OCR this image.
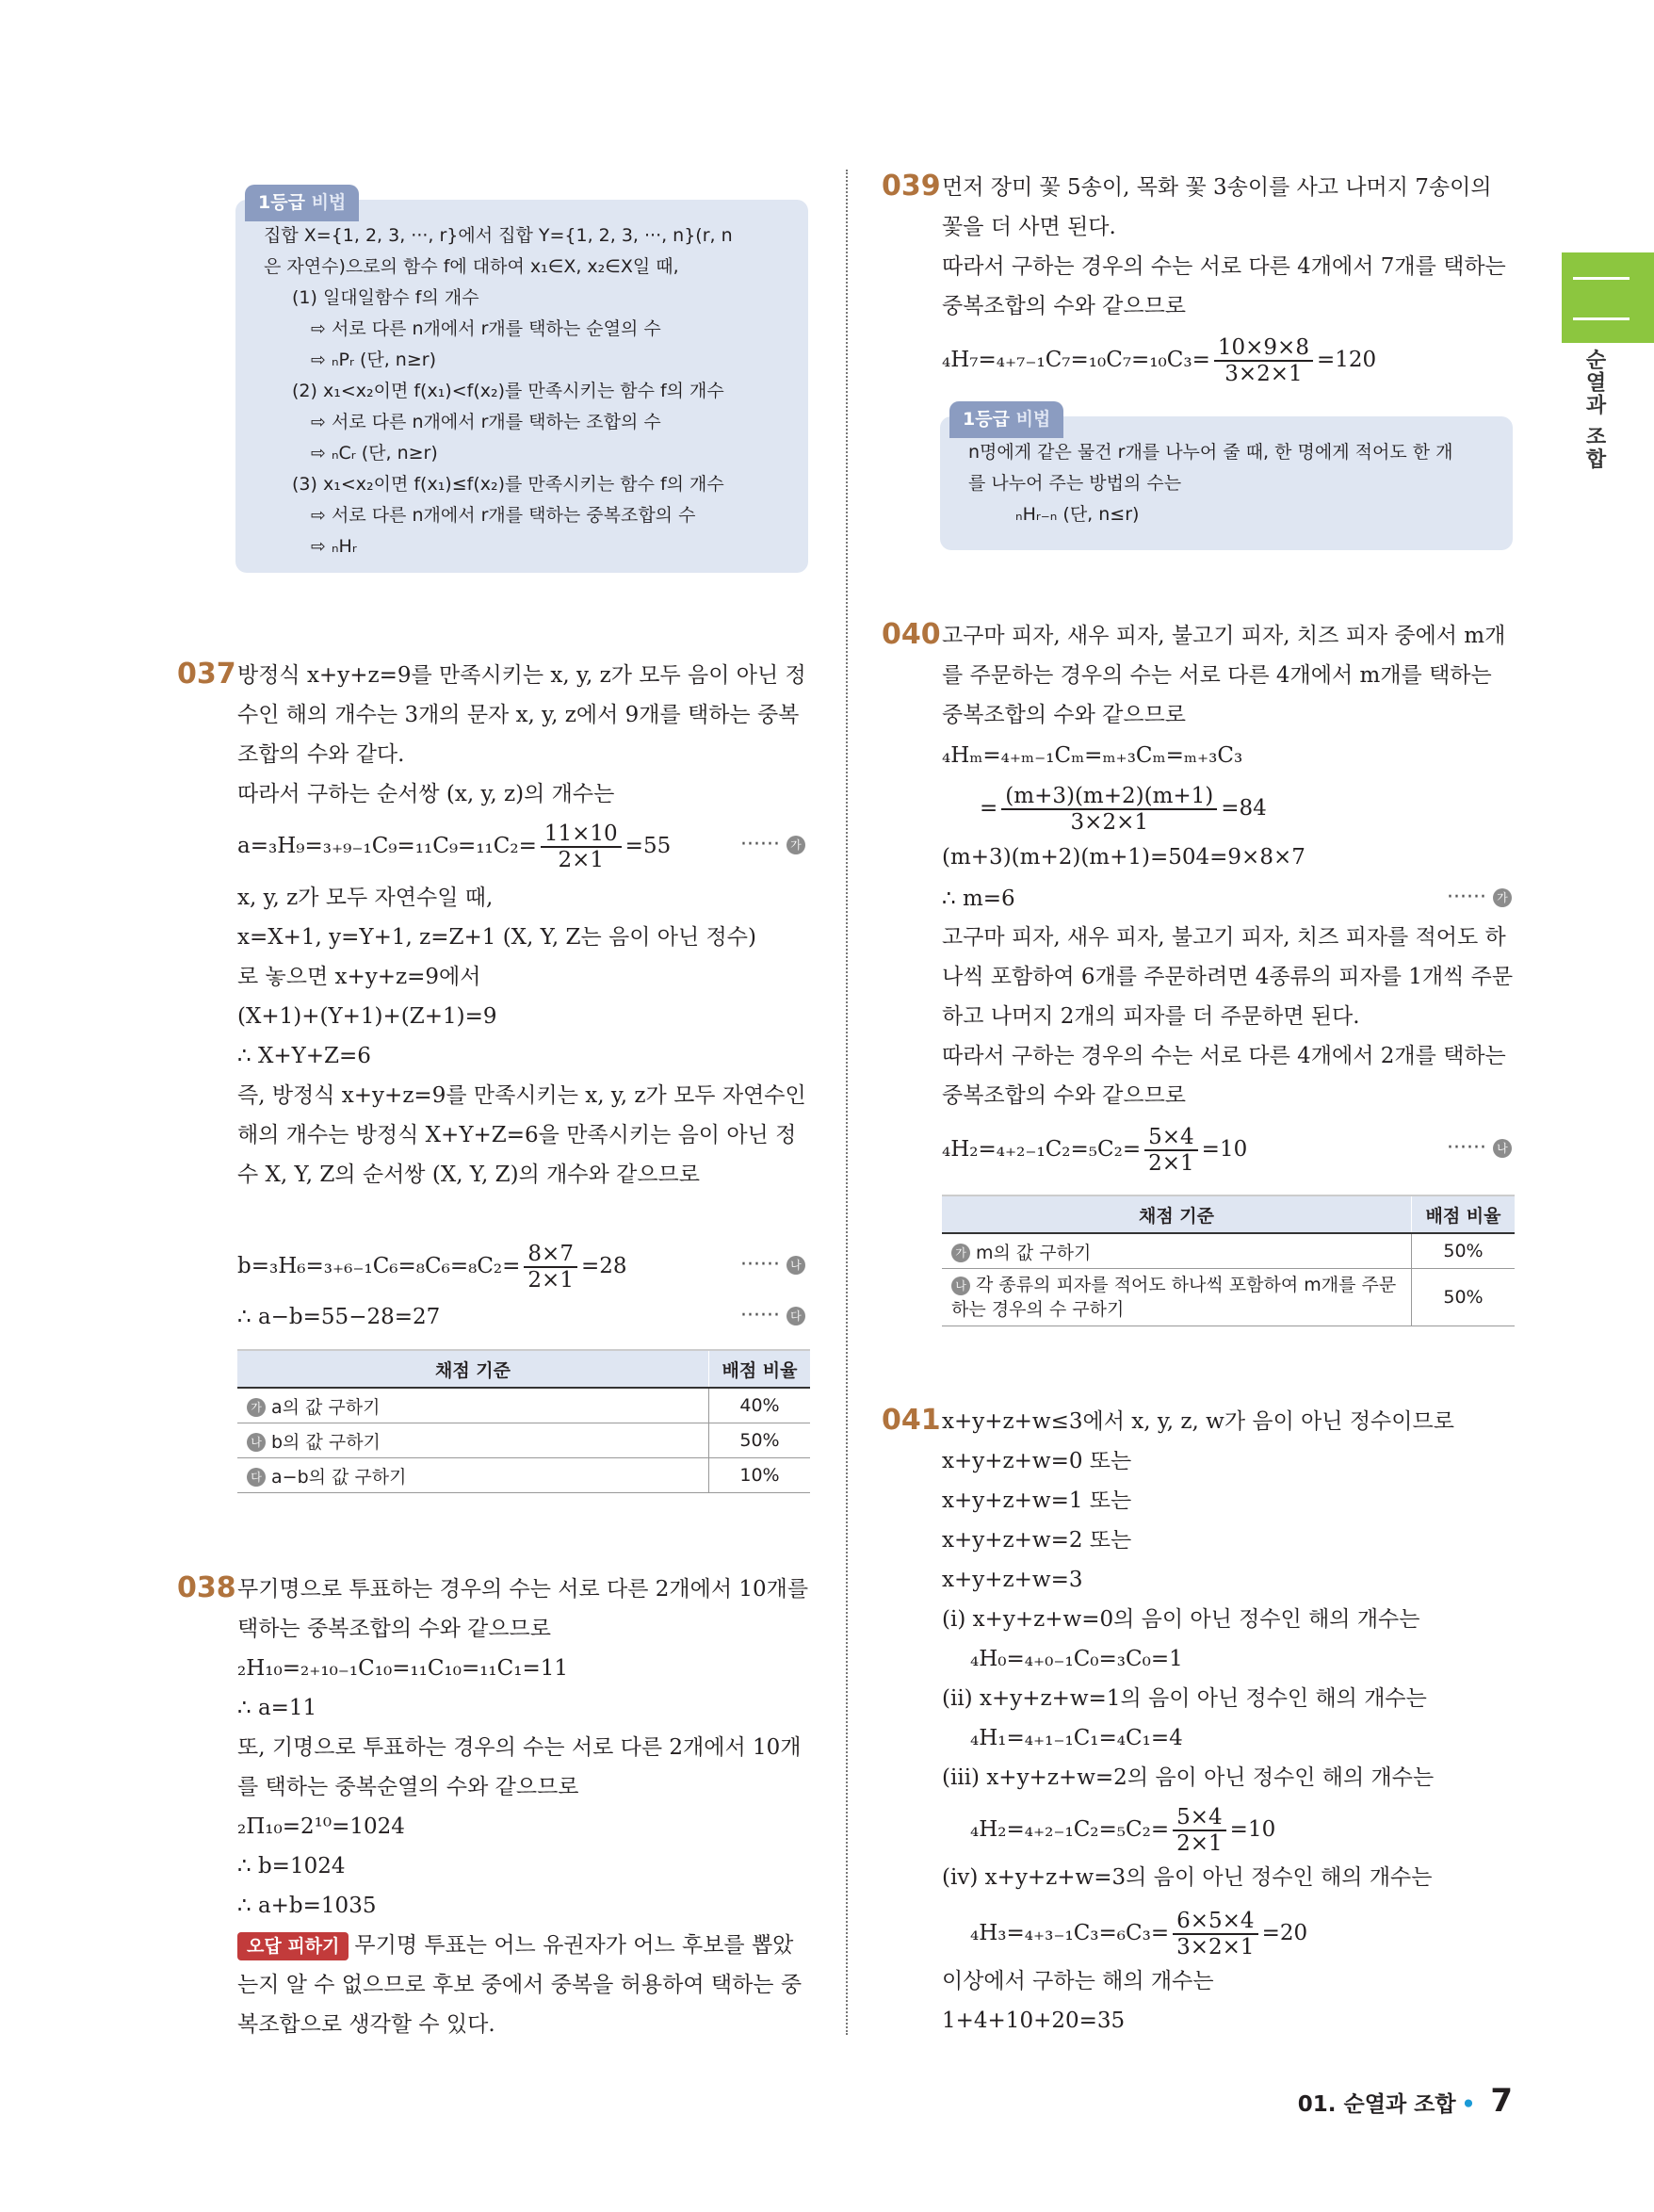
순열과 조합
1등급 비법
집합 X={1, 2, 3, ···, r}에서 집합 Y={1, 2, 3, ···, n}(r, n
은 자연수)으로의 함수 f에 대하여 x₁∈X, x₂∈X일 때,
(1) 일대일함수 f의 개수
⇨ 서로 다른 n개에서 r개를 택하는 순열의 수
⇨ ₙPᵣ (단, n≥r)
(2) x₁<x₂이면 f(x₁)<f(x₂)를 만족시키는 함수 f의 개수
⇨ 서로 다른 n개에서 r개를 택하는 조합의 수
⇨ ₙCᵣ (단, n≥r)
(3) x₁<x₂이면 f(x₁)≤f(x₂)를 만족시키는 함수 f의 개수
⇨ 서로 다른 n개에서 r개를 택하는 중복조합의 수
⇨ ₙHᵣ
037 방정식 x+y+z=9를 만족시키는 x, y, z가 모두 음이 아닌 정수인 해의 개수는 3개의 문자 x, y, z에서 9개를 택하는 중복조합의 수와 같다.

따라서 구하는 순서쌍 (x, y, z)의 개수는

$a=_3H_9=_{3+9-1}C_9=_{11}C_9=_{11}C_2= \frac{11\times 10}{2\times 1} =55$	······ 가

x, y, z가 모두 자연수일 때,

x=X+1, y=Y+1, z=Z+1 (X, Y, Z는 음이 아닌 정수)

로 놓으면 x+y+z=9에서

(X+1)+(Y+1)+(Z+1)=9

∴ X+Y+Z=6

즉, 방정식 x+y+z=9를 만족시키는 x, y, z가 모두 자연수인 해의 개수는 방정식 X+Y+Z=6을 만족시키는 음이 아닌 정수 X, Y, Z의 순서쌍 (X, Y, Z)의 개수와 같으므로

$b=_3H_6=_{3+6-1}C_6=_8C_6=_8C_2= \frac{8\times 7}{2\times 1} =28$	······ 나
∴ a−b=55−28=27	······ 다
채점 기준	배점 비율
가 a의 값 구하기	40%
나 b의 값 구하기	50%
다 a−b의 값 구하기	10%
038 무기명으로 투표하는 경우의 수는 서로 다른 2개에서 10개를 택하는 중복조합의 수와 같으므로

₂H₁₀=₂₊₁₀₋₁C₁₀=₁₁C₁₀=₁₁C₁=11

∴ a=11

또, 기명으로 투표하는 경우의 수는 서로 다른 2개에서 10개를 택하는 중복순열의 수와 같으므로

₂Π₁₀=2¹⁰=1024

∴ b=1024

∴ a+b=1035

오답 피하기 무기명 투표는 어느 유권자가 어느 후보를 뽑았는지 알 수 없으므로 후보 중에서 중복을 허용하여 택하는 중복조합으로 생각할 수 있다.

039 먼저 장미 꽃 5송이, 목화 꽃 3송이를 사고 나머지 7송이의 꽃을 더 사면 된다.

따라서 구하는 경우의 수는 서로 다른 4개에서 7개를 택하는 중복조합의 수와 같으므로

$_4H_7=_{4+7-1}C_7=_{10}C_7=_{10}C_3= \frac{10\times 9\times 8}{3\times 2\times 1} =120$
1등급 비법
n명에게 같은 물건 r개를 나누어 줄 때, 한 명에게 적어도 한 개
를 나누어 주는 방법의 수는
ₙHᵣ₋ₙ (단, n≤r)
040 고구마 피자, 새우 피자, 불고기 피자, 치즈 피자 중에서 m개를 주문하는 경우의 수는 서로 다른 4개에서 m개를 택하는 중복조합의 수와 같으므로

₄Hₘ=₄₊ₘ₋₁Cₘ=ₘ₊₃Cₘ=ₘ₊₃C₃
= $\frac{(m+3)(m+2)(m+1)}{3\times 2\times 1} =84$
(m+3)(m+2)(m+1)=504=9×8×7
∴ m=6	······ 가

고구마 피자, 새우 피자, 불고기 피자, 치즈 피자를 적어도 하나씩 포함하여 6개를 주문하려면 4종류의 피자를 1개씩 주문하고 나머지 2개의 피자를 더 주문하면 된다.

따라서 구하는 경우의 수는 서로 다른 4개에서 2개를 택하는 중복조합의 수와 같으므로

$_4H_2=_{4+2-1}C_2=_5C_2= \frac{5\times 4}{2\times 1} =10$	······ 나
채점 기준	배점 비율
가 m의 값 구하기	50%
나 각 종류의 피자를 적어도 하나씩 포함하여 m개를 주문하는 경우의 수 구하기	50%
041 x+y+z+w≤3에서 x, y, z, w가 음이 아닌 정수이므로

x+y+z+w=0 또는

x+y+z+w=1 또는

x+y+z+w=2 또는

x+y+z+w=3

(ⅰ) x+y+z+w=0의 음이 아닌 정수인 해의 개수는

₄H₀=₄₊₀₋₁C₀=₃C₀=1

(ⅱ) x+y+z+w=1의 음이 아닌 정수인 해의 개수는

₄H₁=₄₊₁₋₁C₁=₄C₁=4

(ⅲ) x+y+z+w=2의 음이 아닌 정수인 해의 개수는

$_4H_2=_{4+2-1}C_2=_5C_2= \frac{5\times 4}{2\times 1} =10$
(ⅳ) x+y+z+w=3의 음이 아닌 정수인 해의 개수는
$_4H_3=_{4+3-1}C_3=_6C_3= \frac{6\times 5\times 4}{3\times 2\times 1} =20$

이상에서 구하는 해의 개수는

1+4+10+20=35

01. 순열과 조합 • 7
